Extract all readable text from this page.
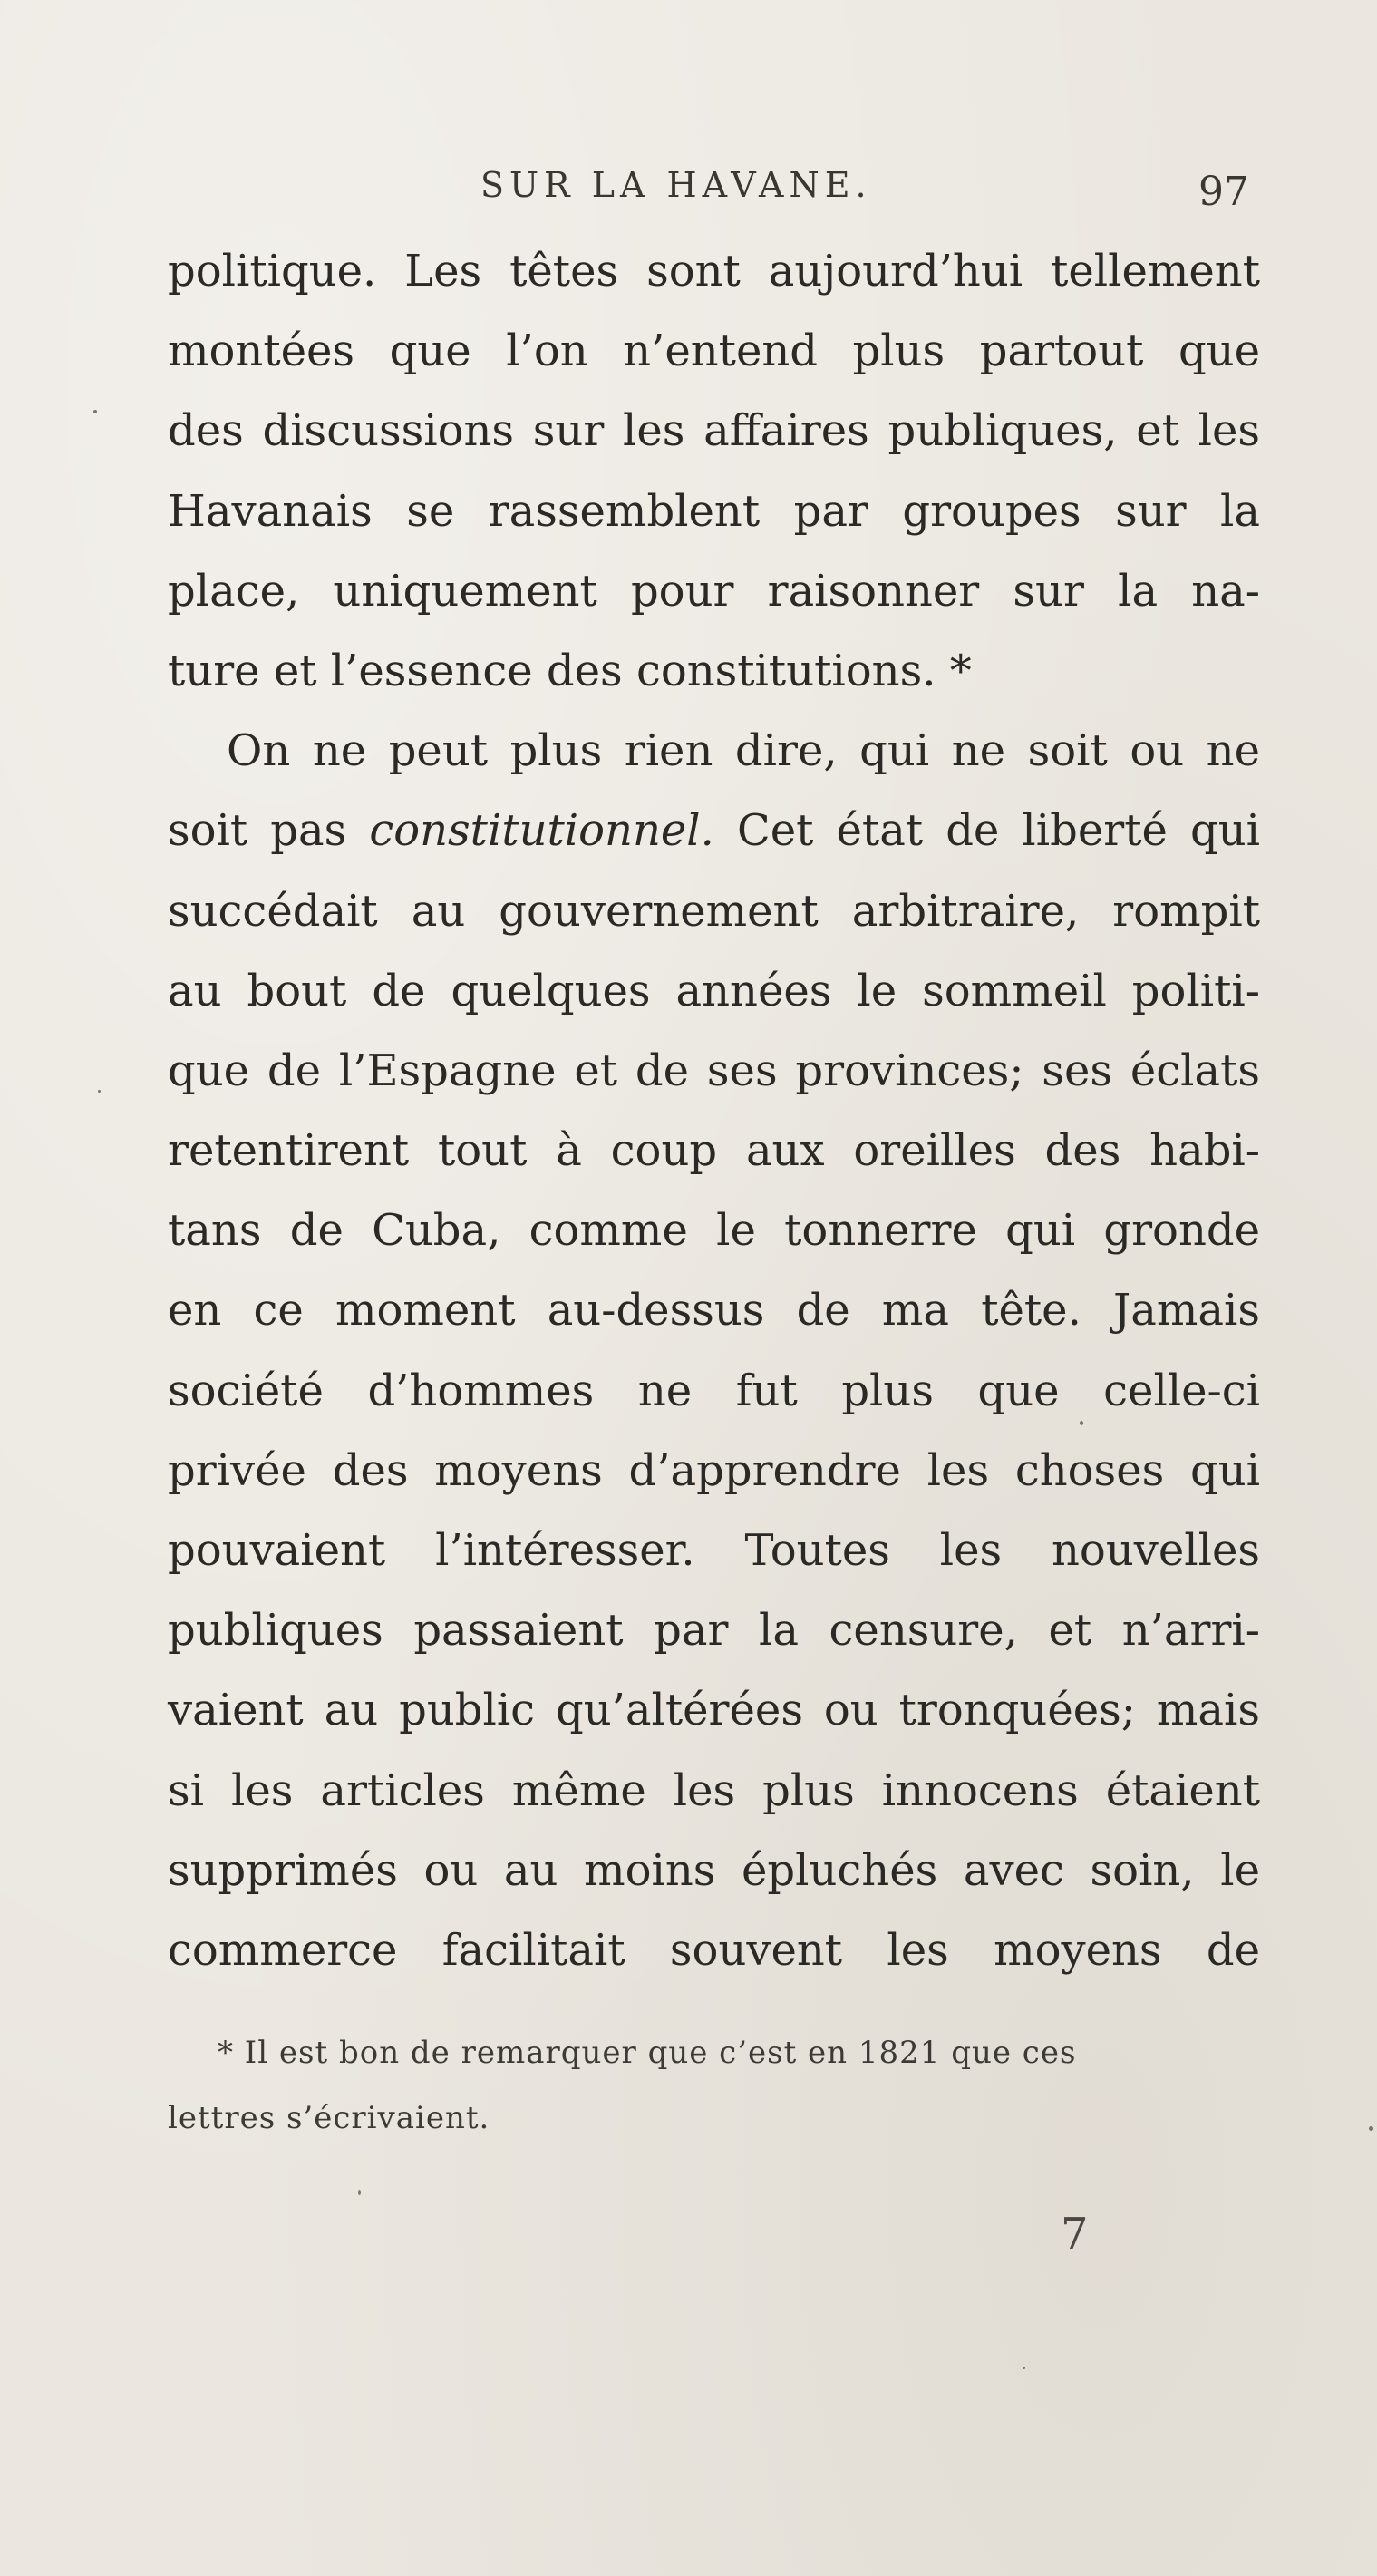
SUR LA HAVANE.	97
politique. Les têtes sont aujourd’hui tellement
montées que l’on n’entend plus partout que
des discussions sur les affaires publiques, et les
Havanais se rassemblent par groupes sur la
place, uniquement pour raisonner sur la na-
ture et l’essence des constitutions. *
On ne peut plus rien dire, qui ne soit ou ne
soit pas constitutionnel. Cet état de liberté qui
succédait au gouvernement arbitraire, rompit
au bout de quelques années le sommeil politi-
que de l’Espagne et de ses provinces; ses éclats
retentirent tout à coup aux oreilles des habi-
tans de Cuba, comme le tonnerre qui gronde
en ce moment au-dessus de ma tête. Jamais
société d’hommes ne fut plus que celle-ci
privée des moyens d’apprendre les choses qui
pouvaient l’intéresser. Toutes les nouvelles
publiques passaient par la censure, et n’arri-
vaient au public qu’altérées ou tronquées; mais
si les articles même les plus innocens étaient
supprimés ou au moins épluchés avec soin, le
commerce facilitait souvent les moyens de
* Il est bon de remarquer que c’est en 1821 que ces
lettres s’écrivaient.
7
